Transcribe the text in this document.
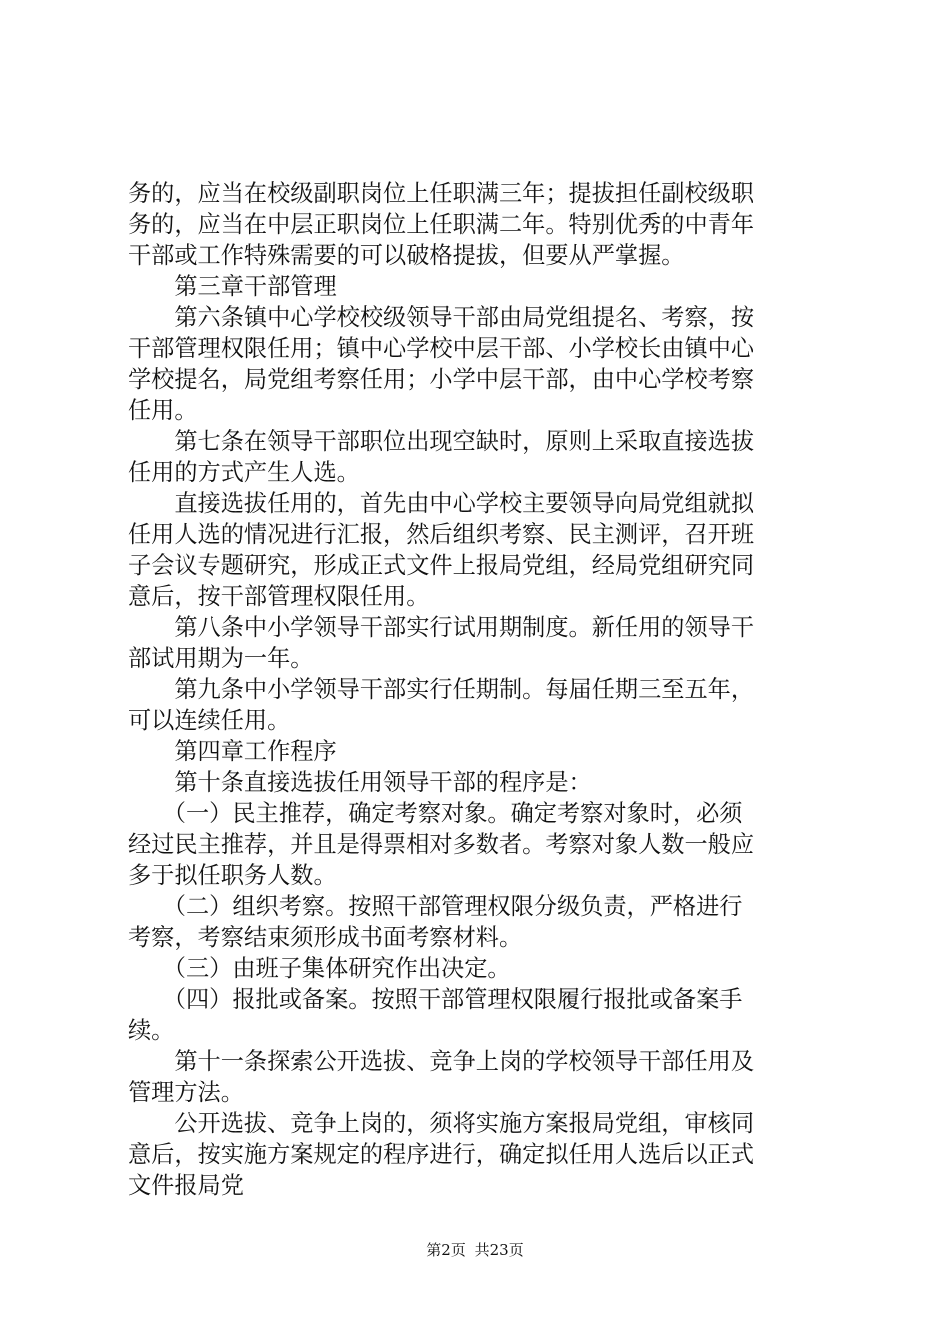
务的，应当在校级副职岗位上任职满三年；提拔担任副校级职
务的，应当在中层正职岗位上任职满二年。特别优秀的中青年
干部或工作特殊需要的可以破格提拔，但要从严掌握。
　　第三章干部管理
　　第六条镇中心学校校级领导干部由局党组提名、考察，按
干部管理权限任用；镇中心学校中层干部、小学校长由镇中心
学校提名，局党组考察任用；小学中层干部，由中心学校考察
任用。
　　第七条在领导干部职位出现空缺时，原则上采取直接选拔
任用的方式产生人选。
　　直接选拔任用的，首先由中心学校主要领导向局党组就拟
任用人选的情况进行汇报，然后组织考察、民主测评，召开班
子会议专题研究，形成正式文件上报局党组，经局党组研究同
意后，按干部管理权限任用。
　　第八条中小学领导干部实行试用期制度。新任用的领导干
部试用期为一年。
　　第九条中小学领导干部实行任期制。每届任期三至五年，
可以连续任用。
　　第四章工作程序
　　第十条直接选拔任用领导干部的程序是：
　　（一）民主推荐，确定考察对象。确定考察对象时，必须
经过民主推荐，并且是得票相对多数者。考察对象人数一般应
多于拟任职务人数。
　　（二）组织考察。按照干部管理权限分级负责，严格进行
考察，考察结束须形成书面考察材料。
　　（三）由班子集体研究作出决定。
　　（四）报批或备案。按照干部管理权限履行报批或备案手
续。
　　第十一条探索公开选拔、竞争上岗的学校领导干部任用及
管理方法。
　　公开选拔、竞争上岗的，须将实施方案报局党组，审核同
意后，按实施方案规定的程序进行，确定拟任用人选后以正式
文件报局党
第2页 共23页
